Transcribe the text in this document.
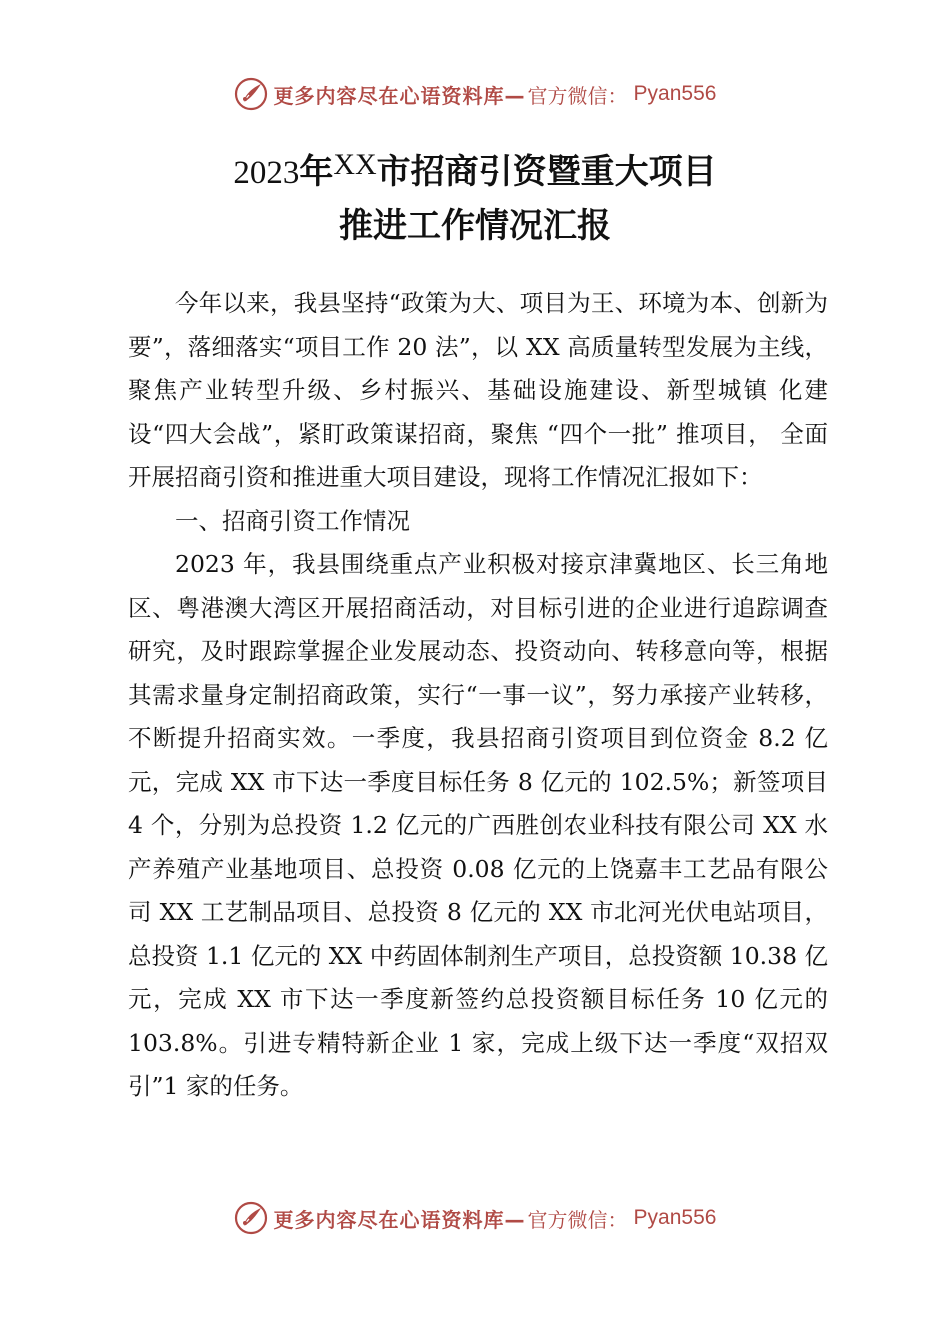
更多内容尽在心语资料库— 官方微信： Pyan556
2023年XX市招商引资暨重大项目
推进工作情况汇报

今年以来，我县坚持“政策为大、项目为王、环境为本、创新为要”，落细落实“项目工作 20 法”，以 XX 高质量转型发展为主线，聚焦产业转型升级、乡村振兴、基础设施建设、新型城镇 化建设“四大会战”，紧盯政策谋招商，聚焦 “四个一批” 推项目， 全面开展招商引资和推进重大项目建设，现将工作情况汇报如下：

一、招商引资工作情况

2023 年，我县围绕重点产业积极对接京津冀地区、长三角地区、粤港澳大湾区开展招商活动，对目标引进的企业进行追踪调查研究，及时跟踪掌握企业发展动态、投资动向、转移意向等，根据其需求量身定制招商政策，实行“一事一议”，努力承接产业转移，不断提升招商实效。一季度，我县招商引资项目到位资金 8.2 亿元，完成 XX 市下达一季度目标任务 8 亿元的 102.5%；新签项目 4 个，分别为总投资 1.2 亿元的广西胜创农业科技有限公司 XX 水产养殖产业基地项目、总投资 0.08 亿元的上饶嘉丰工艺品有限公司 XX 工艺制品项目、总投资 8 亿元的 XX 市北河光伏电站项目，总投资 1.1 亿元的 XX 中药固体制剂生产项目，总投资额 10.38 亿元，完成 XX 市下达一季度新签约总投资额目标任务 10 亿元的 103.8%。引进专精特新企业 1 家，完成上级下达一季度“双招双引”1 家的任务。

更多内容尽在心语资料库— 官方微信： Pyan556
